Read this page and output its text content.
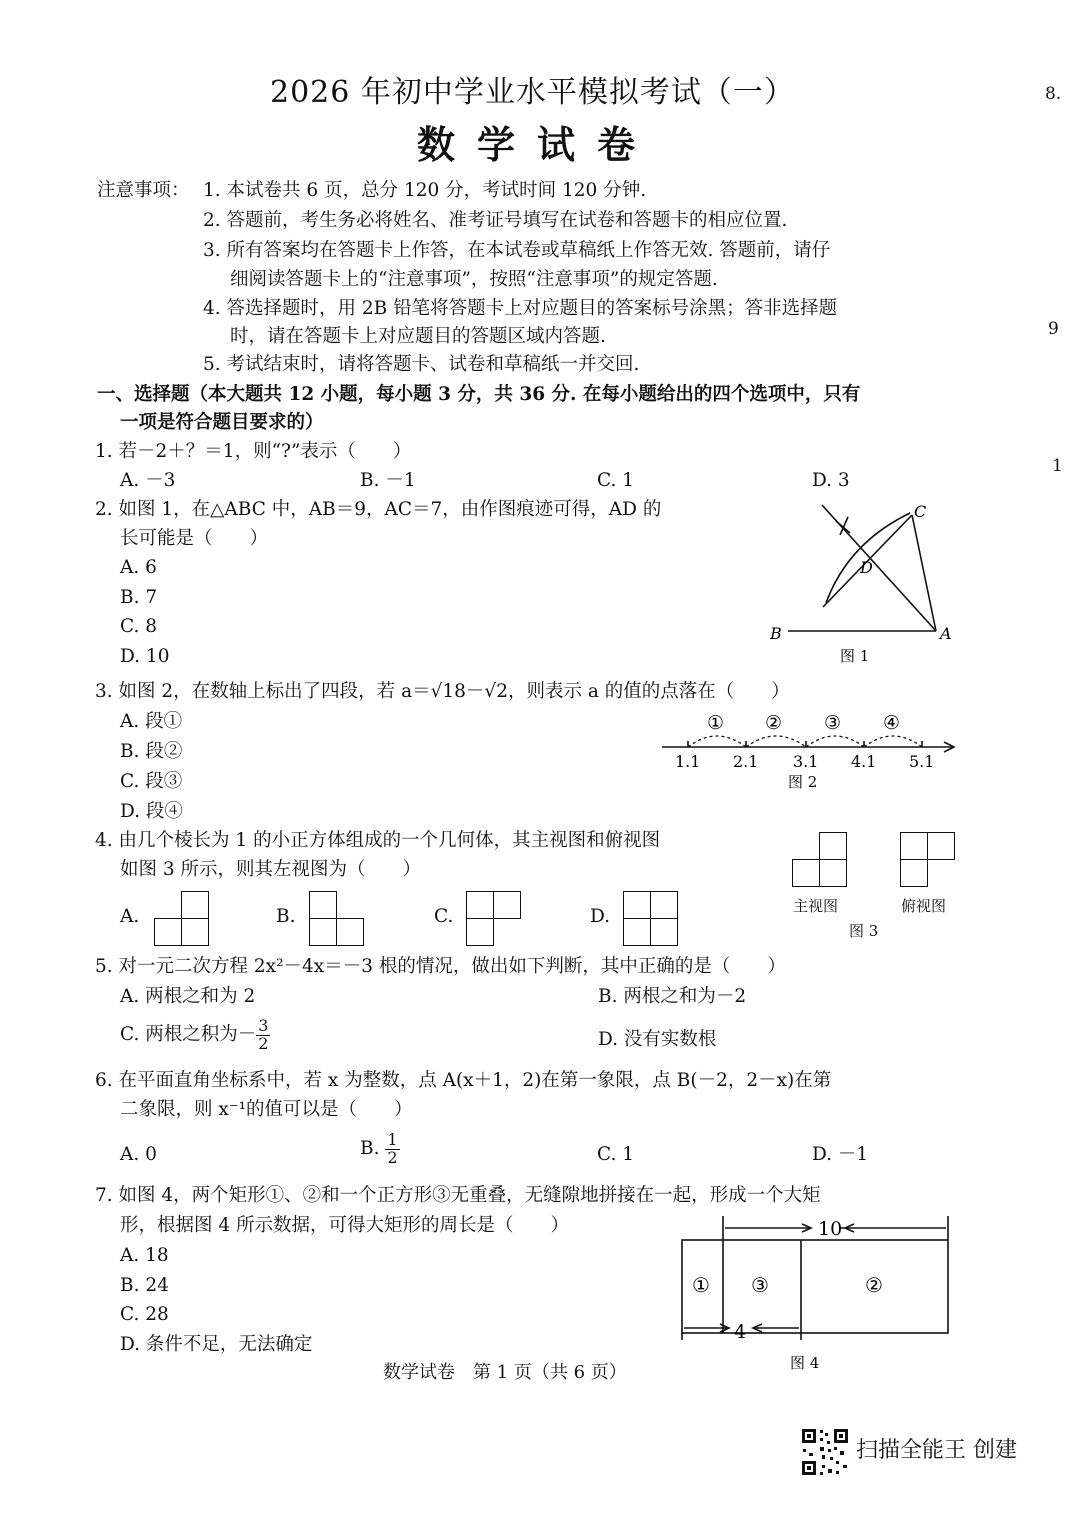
2026 年初中学业水平模拟考试（一）
数学试卷
8.
9
1
注意事项： 1. 本试卷共 6 页，总分 120 分，考试时间 120 分钟.
2. 答题前，考生务必将姓名、准考证号填写在试卷和答题卡的相应位置.
3. 所有答案均在答题卡上作答，在本试卷或草稿纸上作答无效. 答题前，请仔
细阅读答题卡上的“注意事项”，按照“注意事项”的规定答题.
4. 答选择题时，用 2B 铅笔将答题卡上对应题目的答案标号涂黑；答非选择题
时，请在答题卡上对应题目的答题区域内答题.
5. 考试结束时，请将答题卡、试卷和草稿纸一并交回.
一、选择题（本大题共 12 小题，每小题 3 分，共 36 分. 在每小题给出的四个选项中，只有
一项是符合题目要求的）
1. 若－2＋？＝1，则“?”表示（　　）
A. －3	B. －1	C. 1	D. 3
2. 如图 1，在△ABC 中，AB＝9，AC＝7，由作图痕迹可得，AD 的
长可能是（　　）
A. 6
B. 7
C. 8
D. 10
B	A
C
D
图 1
3. 如图 2，在数轴上标出了四段，若 a＝√18－√2，则表示 a 的值的点落在（　　）
A. 段①
B. 段②
C. 段③
D. 段④
① ② ③ ④
1.1 2.1 3.1 4.1 5.1
图 2
4. 由几个棱长为 1 的小正方体组成的一个几何体，其主视图和俯视图
如图 3 所示，则其左视图为（　　）
A.	B.	C.	D.	主视图	俯视图
图 3
5. 对一元二次方程 2x²－4x＝－3 根的情况，做出如下判断，其中正确的是（　　）
A. 两根之和为 2	B. 两根之和为－2
C. 两根之积为－ $\frac{3}{2}$	D. 没有实数根
6. 在平面直角坐标系中，若 x 为整数，点 A(x＋1，2)在第一象限，点 B(－2，2－x)在第
二象限，则 x⁻¹的值可以是（　　）
A. 0	B. $\frac{1}{2}$	C. 1	D. －1
7. 如图 4，两个矩形①、②和一个正方形③无重叠，无缝隙地拼接在一起，形成一个大矩
形，根据图 4 所示数据，可得大矩形的周长是（　　）
A. 18
B. 24
C. 28
D. 条件不足，无法确定
① ③	②
10
4
图 4
数学试卷　第 1 页（共 6 页）
扫描全能王 创建
